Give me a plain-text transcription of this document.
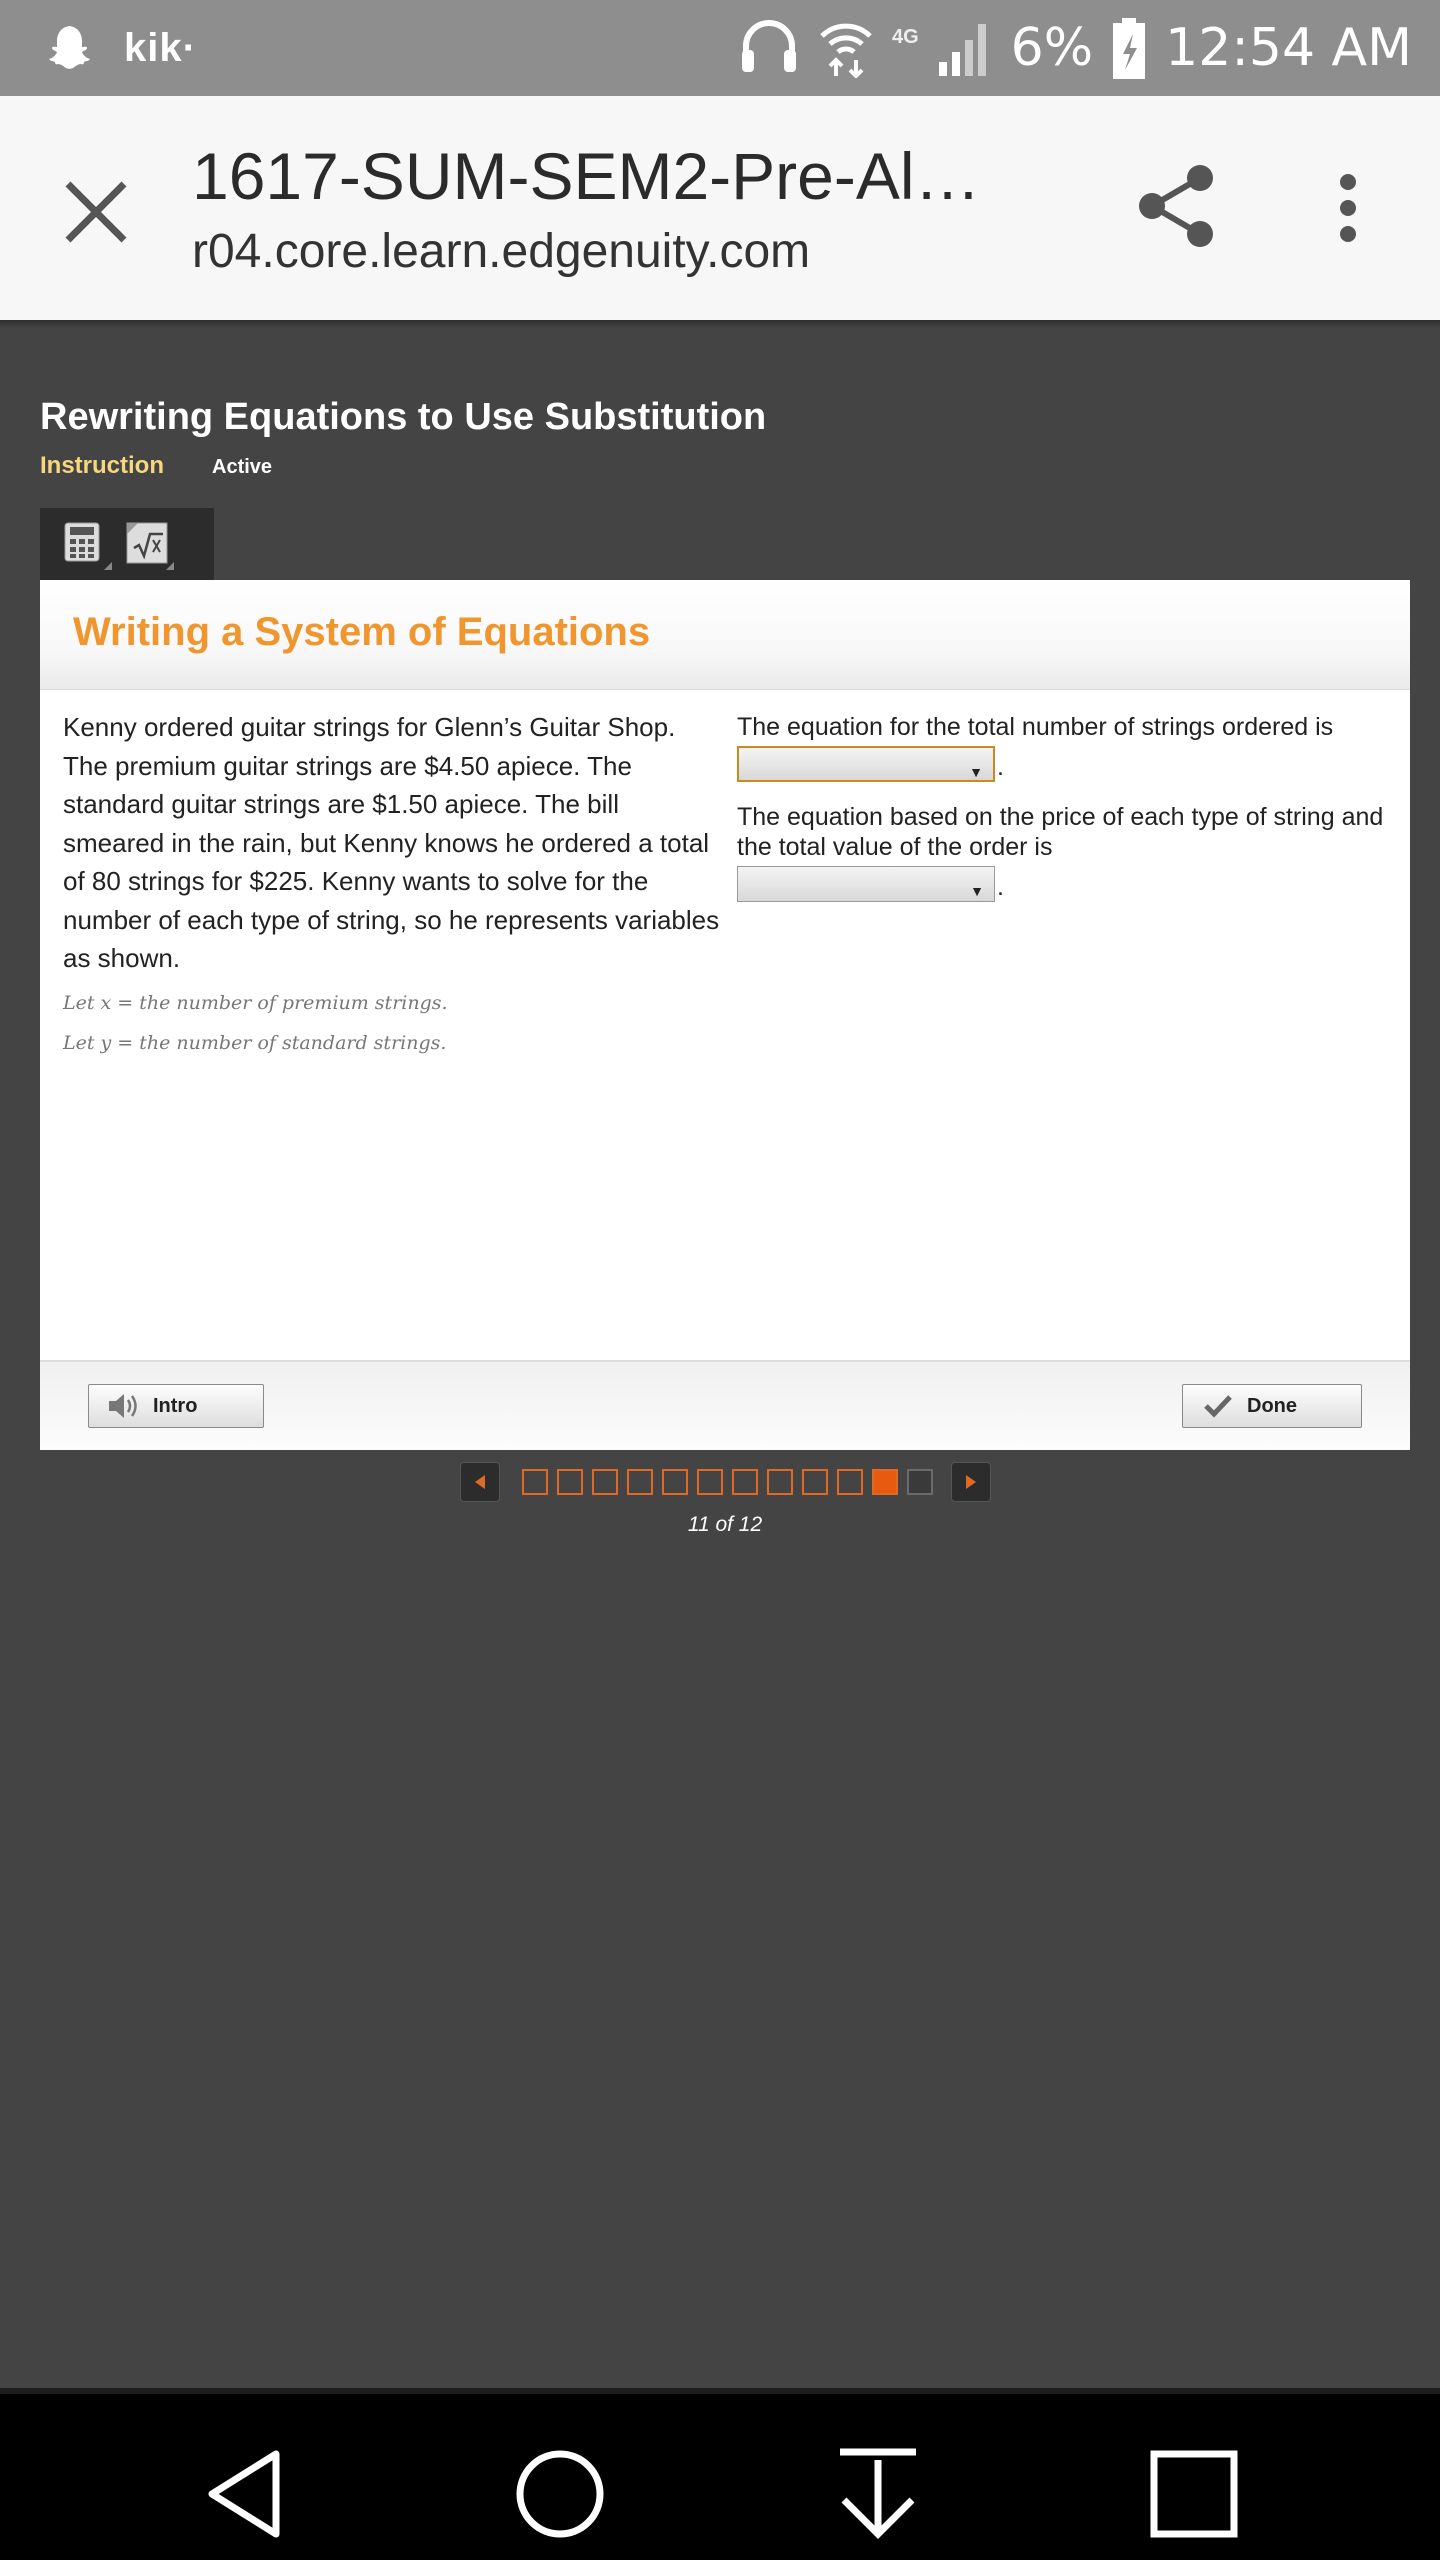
kik·	4G 6% 12:54 AM
1617-SUM-SEM2-Pre-Al…
r04.core.learn.edgenuity.com
Rewriting Equations to Use Substitution
Instruction Active
Writing a System of Equations

Kenny ordered guitar strings for Glenn’s Guitar Shop. The premium guitar strings are $4.50 apiece. The standard guitar strings are $1.50 apiece. The bill smeared in the rain, but Kenny knows he ordered a total of 80 strings for $225. Kenny wants to solve for the number of each type of string, so he represents variables as shown.

Let x = the number of premium strings.

Let y = the number of standard strings.

The equation for the total number of strings ordered is
▼ .
The equation based on the price of each type of string and the total value of the order is
▼ .
Intro	Done
11 of 12
